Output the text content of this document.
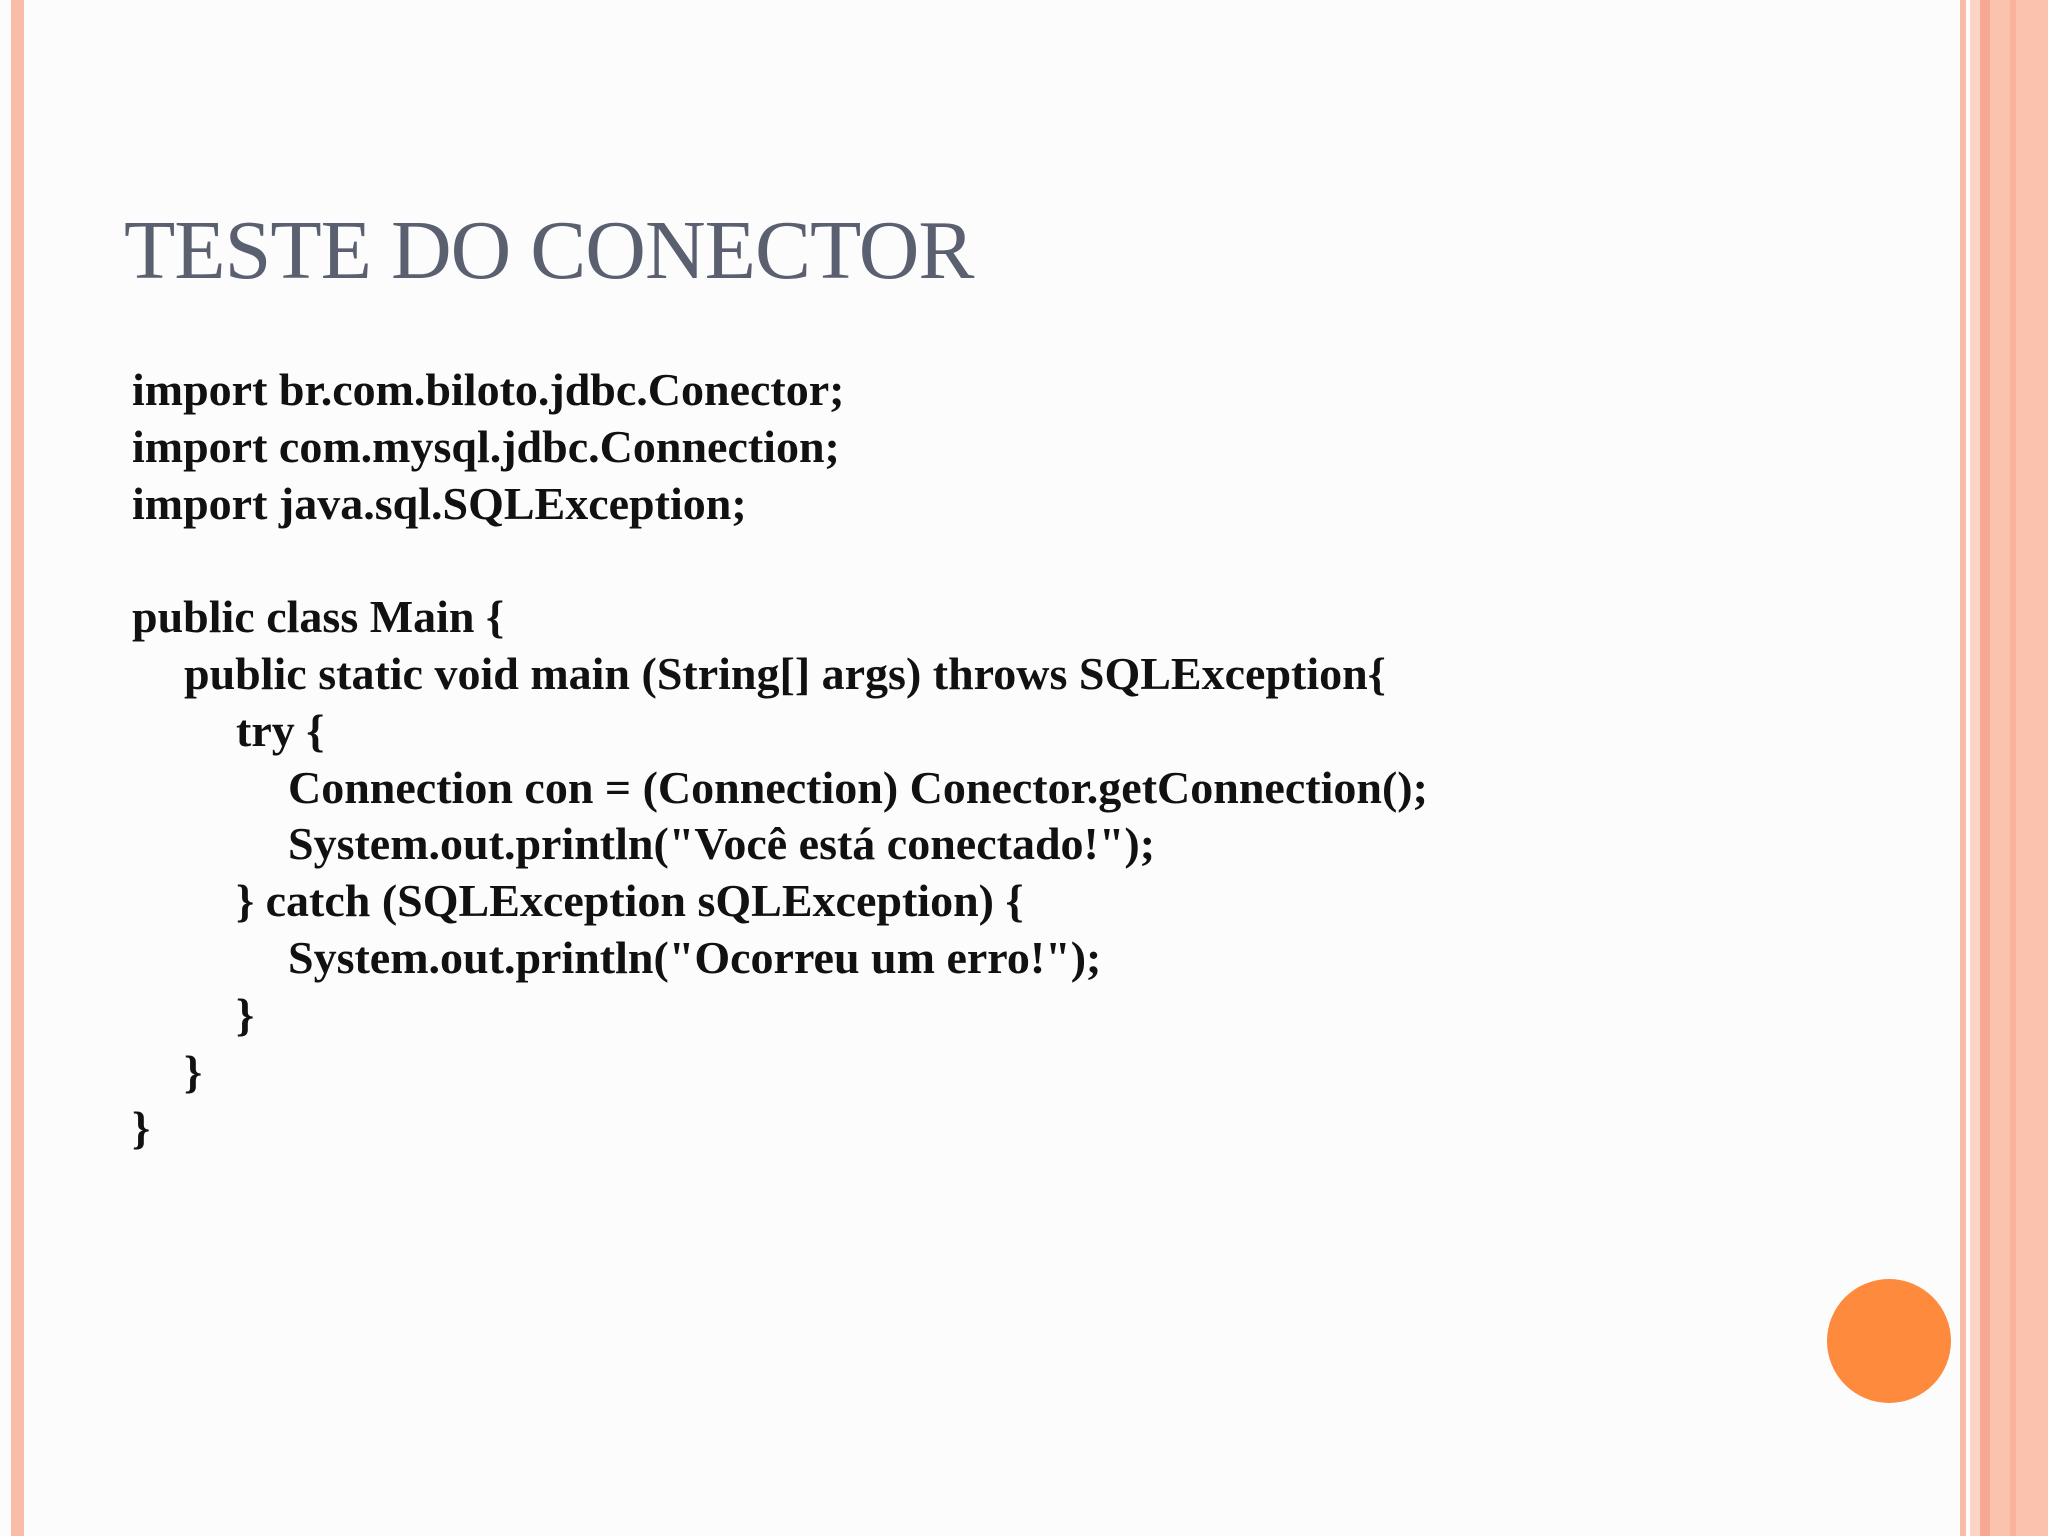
TESTE DO CONECTOR
import br.com.biloto.jdbc.Conector;
import com.mysql.jdbc.Connection;
import java.sql.SQLException;
public class Main {
public static void main (String[] args) throws SQLException{
try {
Connection con = (Connection) Conector.getConnection();
System.out.println("Você está conectado!");
} catch (SQLException sQLException) {
System.out.println("Ocorreu um erro!");
}
}
}
